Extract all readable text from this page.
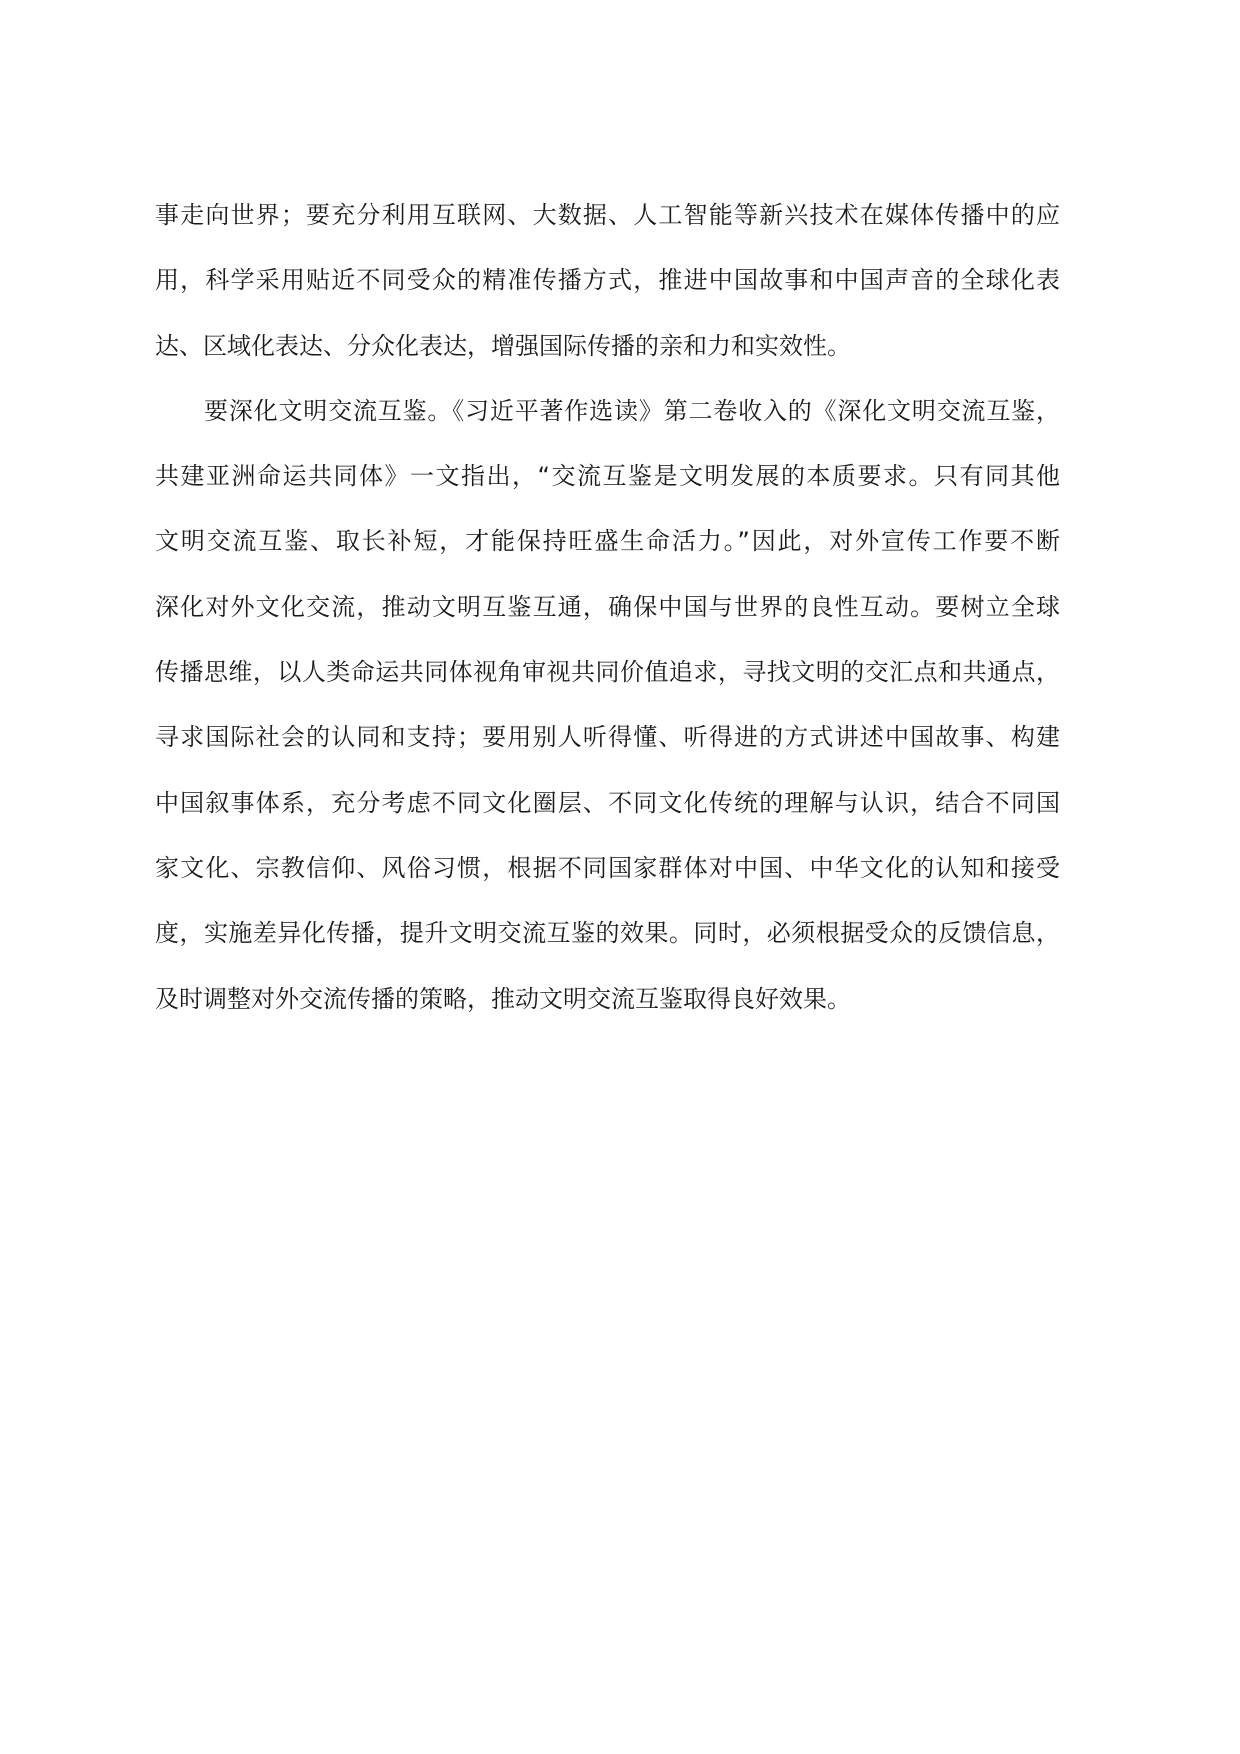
事走向世界；要充分利用互联网、大数据、人工智能等新兴技术在媒体传播中的应

用，科学采用贴近不同受众的精准传播方式，推进中国故事和中国声音的全球化表

达、区域化表达、分众化表达，增强国际传播的亲和力和实效性。

要深化文明交流互鉴。《习近平著作选读》第二卷收入的《深化文明交流互鉴，

共建亚洲命运共同体》一文指出，“交流互鉴是文明发展的本质要求。只有同其他

文明交流互鉴、取长补短，才能保持旺盛生命活力。”因此，对外宣传工作要不断

深化对外文化交流，推动文明互鉴互通，确保中国与世界的良性互动。要树立全球

传播思维，以人类命运共同体视角审视共同价值追求，寻找文明的交汇点和共通点，

寻求国际社会的认同和支持；要用别人听得懂、听得进的方式讲述中国故事、构建

中国叙事体系，充分考虑不同文化圈层、不同文化传统的理解与认识，结合不同国

家文化、宗教信仰、风俗习惯，根据不同国家群体对中国、中华文化的认知和接受

度，实施差异化传播，提升文明交流互鉴的效果。同时，必须根据受众的反馈信息，

及时调整对外交流传播的策略，推动文明交流互鉴取得良好效果。
